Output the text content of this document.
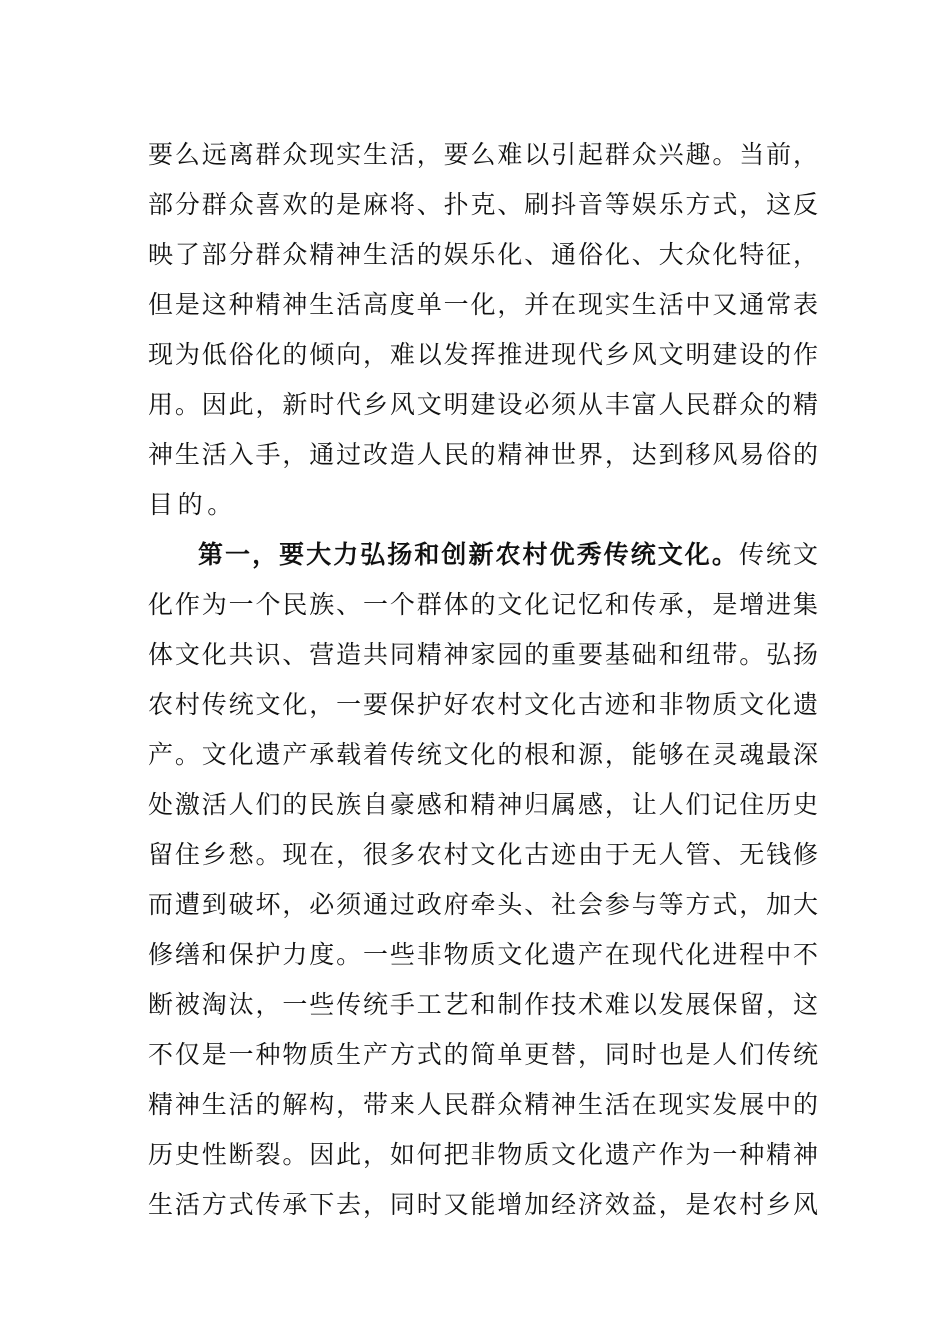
要么远离群众现实生活，要么难以引起群众兴趣。当前，
部分群众喜欢的是麻将、扑克、刷抖音等娱乐方式，这反
映了部分群众精神生活的娱乐化、通俗化、大众化特征，
但是这种精神生活高度单一化，并在现实生活中又通常表
现为低俗化的倾向，难以发挥推进现代乡风文明建设的作
用。因此，新时代乡风文明建设必须从丰富人民群众的精
神生活入手，通过改造人民的精神世界，达到移风易俗的
目的。
第一，要大力弘扬和创新农村优秀传统文化。传统文
化作为一个民族、一个群体的文化记忆和传承，是增进集
体文化共识、营造共同精神家园的重要基础和纽带。弘扬
农村传统文化，一要保护好农村文化古迹和非物质文化遗
产。文化遗产承载着传统文化的根和源，能够在灵魂最深
处激活人们的民族自豪感和精神归属感，让人们记住历史
留住乡愁。现在，很多农村文化古迹由于无人管、无钱修
而遭到破坏，必须通过政府牵头、社会参与等方式，加大
修缮和保护力度。一些非物质文化遗产在现代化进程中不
断被淘汰，一些传统手工艺和制作技术难以发展保留，这
不仅是一种物质生产方式的简单更替，同时也是人们传统
精神生活的解构，带来人民群众精神生活在现实发展中的
历史性断裂。因此，如何把非物质文化遗产作为一种精神
生活方式传承下去，同时又能增加经济效益，是农村乡风
